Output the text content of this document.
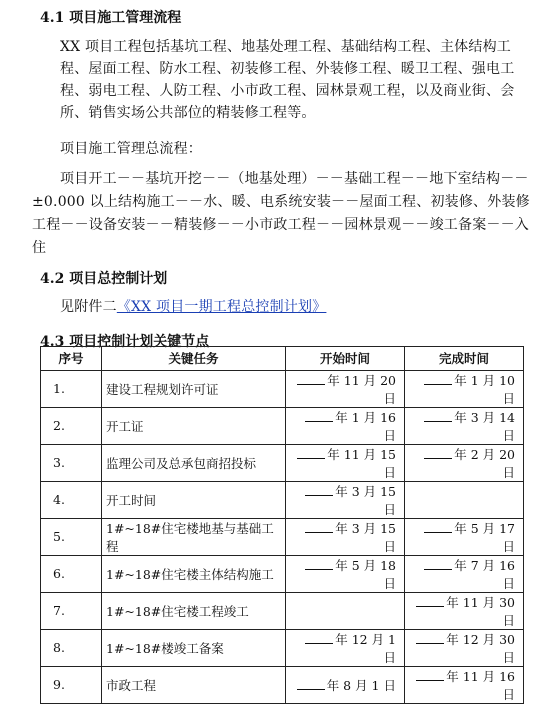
4.1 项目施工管理流程
XX 项目工程包括基坑工程、地基处理工程、基础结构工程、主体结构工程、屋面工程、防水工程、初装修工程、外装修工程、暖卫工程、强电工程、弱电工程、人防工程、小市政工程、园林景观工程，以及商业街、会所、销售实场公共部位的精装修工程等。
项目施工管理总流程：
项目开工－－基坑开挖－－（地基处理）－－基础工程－－地下室结构－－±0.000 以上结构施工－－水、暖、电系统安装－－屋面工程、初装修、外装修工程－－设备安装－－精装修－－小市政工程－－园林景观－－竣工备案－－入住
4.2 项目总控制计划
见附件二《XX 项目一期工程总控制计划》
4.3 项目控制计划关键节点
序号	关键任务	开始时间	完成时间
1.	建设工程规划许可证	年 11 月 20 日	年 1 月 10 日
2.	开工证	年 1 月 16 日	年 3 月 14 日
3.	监理公司及总承包商招投标	年 11 月 15 日	年 2 月 20 日
4.	开工时间	年 3 月 15 日	
5.	1#~18#住宅楼地基与基础工程	年 3 月 15 日	年 5 月 17 日
6.	1#~18#住宅楼主体结构施工	年 5 月 18 日	年 7 月 16 日
7.	1#~18#住宅楼工程竣工		年 11 月 30 日
8.	1#~18#楼竣工备案	年 12 月 1 日	年 12 月 30 日
9.	市政工程	年 8 月 1 日	年 11 月 16 日
